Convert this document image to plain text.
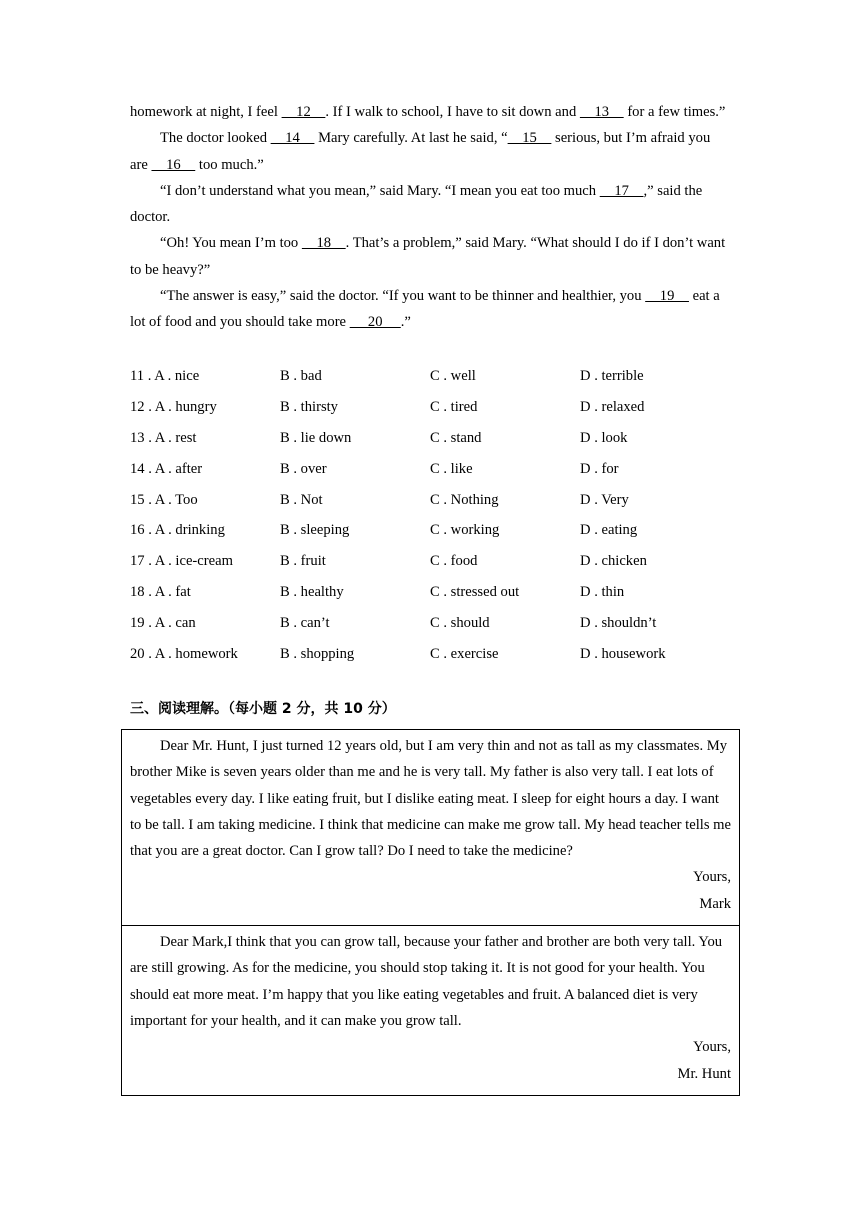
homework at night, I feel     12    . If I walk to school, I have to sit down and     13     for a few times.”

The doctor looked     14     Mary carefully. At last he said, “    15     serious, but I’m afraid you are     16     too much.”

“I don’t understand what you mean,” said Mary. “I mean you eat too much     17    ,” said the doctor.

“Oh! You mean I’m too     18    . That’s a problem,” said Mary. “What should I do if I don’t want to be heavy?”

“The answer is easy,” said the doctor. “If you want to be thinner and healthier, you     19     eat a lot of food and you should take more      20     .”

11 . A . nice	B . bad	C . well	D . terrible
12 . A . hungry	B . thirsty	C . tired	D . relaxed
13 . A . rest	B . lie down	C . stand	D . look
14 . A . after	B . over	C . like	D . for
15 . A . Too	B . Not	C . Nothing	D . Very
16 . A . drinking	B . sleeping	C . working	D . eating
17 . A . ice-cream	B . fruit	C . food	D . chicken
18 . A . fat	B . healthy	C . stressed out	D . thin
19 . A . can	B . can’t	C . should	D . shouldn’t
20 . A . homework	B . shopping	C . exercise	D . housework
三、阅读理解。（每小题 2 分，共 10 分）

Dear Mr. Hunt, I just turned 12 years old, but I am very thin and not as tall as my classmates. My brother Mike is seven years older than me and he is very tall. My father is also very tall. I eat lots of vegetables every day. I like eating fruit, but I dislike eating meat. I sleep for eight hours a day. I want to be tall. I am taking medicine. I think that medicine can make me grow tall. My head teacher tells me that you are a great doctor. Can I grow tall? Do I need to take the medicine?

Yours,
Mark

Dear Mark,I think that you can grow tall, because your father and brother are both very tall. You are still growing. As for the medicine, you should stop taking it. It is not good for your health. You should eat more meat. I’m happy that you like eating vegetables and fruit. A balanced diet is very important for your health, and it can make you grow tall.

Yours,
Mr. Hunt
